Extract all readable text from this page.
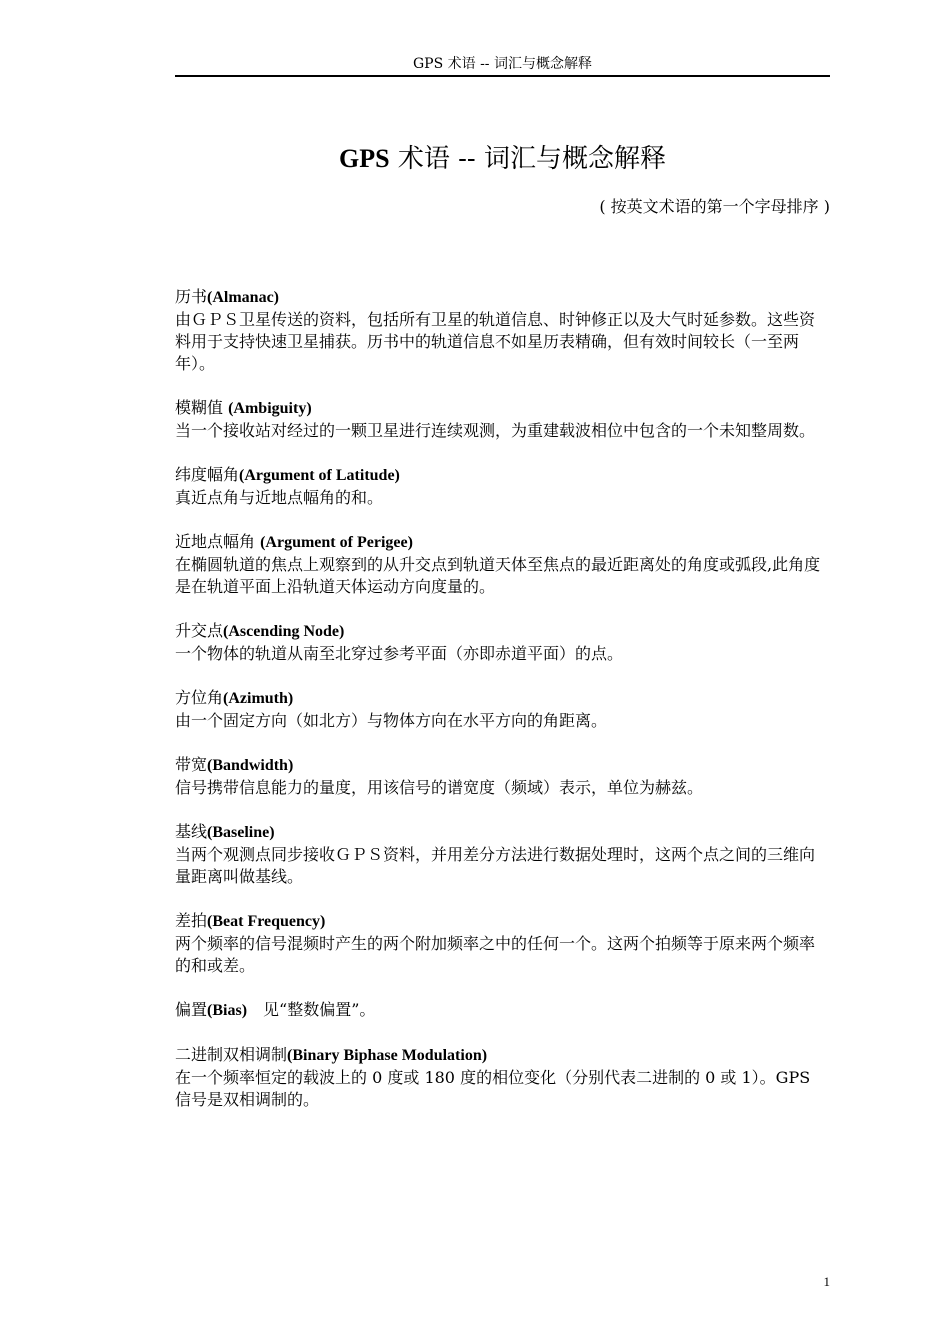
GPS 术语 -- 词汇与概念解释
GPS 术语 -- 词汇与概念解释
( 按英文术语的第一个字母排序 )

历书(Almanac)

由ＧＰＳ卫星传送的资料，包括所有卫星的轨道信息、时钟修正以及大气时延参数。这些资料用于支持快速卫星捕获。历书中的轨道信息不如星历表精确，但有效时间较长（一至两年）。

模糊值 (Ambiguity)

当一个接收站对经过的一颗卫星进行连续观测，为重建载波相位中包含的一个未知整周数。

纬度幅角(Argument of Latitude)

真近点角与近地点幅角的和。

近地点幅角 (Argument of Perigee)

在椭圆轨道的焦点上观察到的从升交点到轨道天体至焦点的最近距离处的角度或弧段,此角度是在轨道平面上沿轨道天体运动方向度量的。

升交点(Ascending Node)

一个物体的轨道从南至北穿过参考平面（亦即赤道平面）的点。

方位角(Azimuth)

由一个固定方向（如北方）与物体方向在水平方向的角距离。

带宽(Bandwidth)

信号携带信息能力的量度，用该信号的谱宽度（频域）表示，单位为赫兹。

基线(Baseline)

当两个观测点同步接收ＧＰＳ资料，并用差分方法进行数据处理时，这两个点之间的三维向量距离叫做基线。

差拍(Beat Frequency)

两个频率的信号混频时产生的两个附加频率之中的任何一个。这两个拍频等于原来两个频率的和或差。

偏置(Bias)　见“整数偏置”。

二进制双相调制(Binary Biphase Modulation)

在一个频率恒定的载波上的 0 度或 180 度的相位变化（分别代表二进制的 0 或 1）。GPS 信号是双相调制的。

1
